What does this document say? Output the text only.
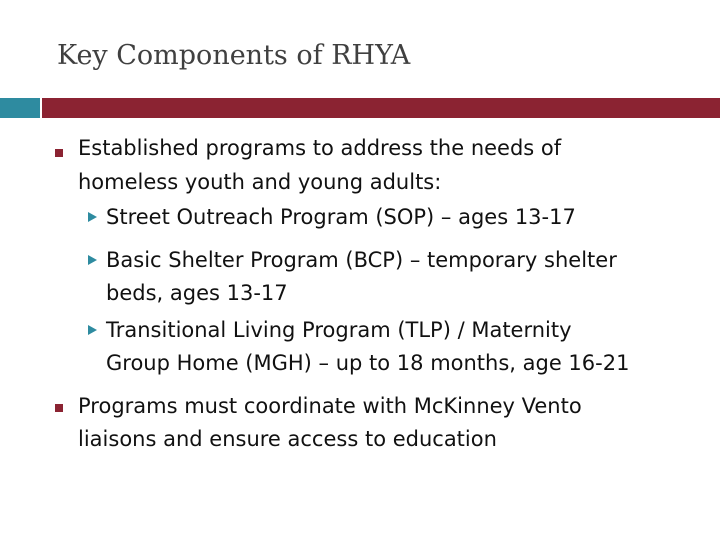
Key Components of RHYA
Established programs to address the needs of
homeless youth and young adults:
Street Outreach Program (SOP) – ages 13-17
Basic Shelter Program (BCP) – temporary shelter
beds, ages 13-17
Transitional Living Program (TLP) / Maternity
Group Home (MGH) – up to 18 months, age 16-21
Programs must coordinate with McKinney Vento
liaisons and ensure access to education
